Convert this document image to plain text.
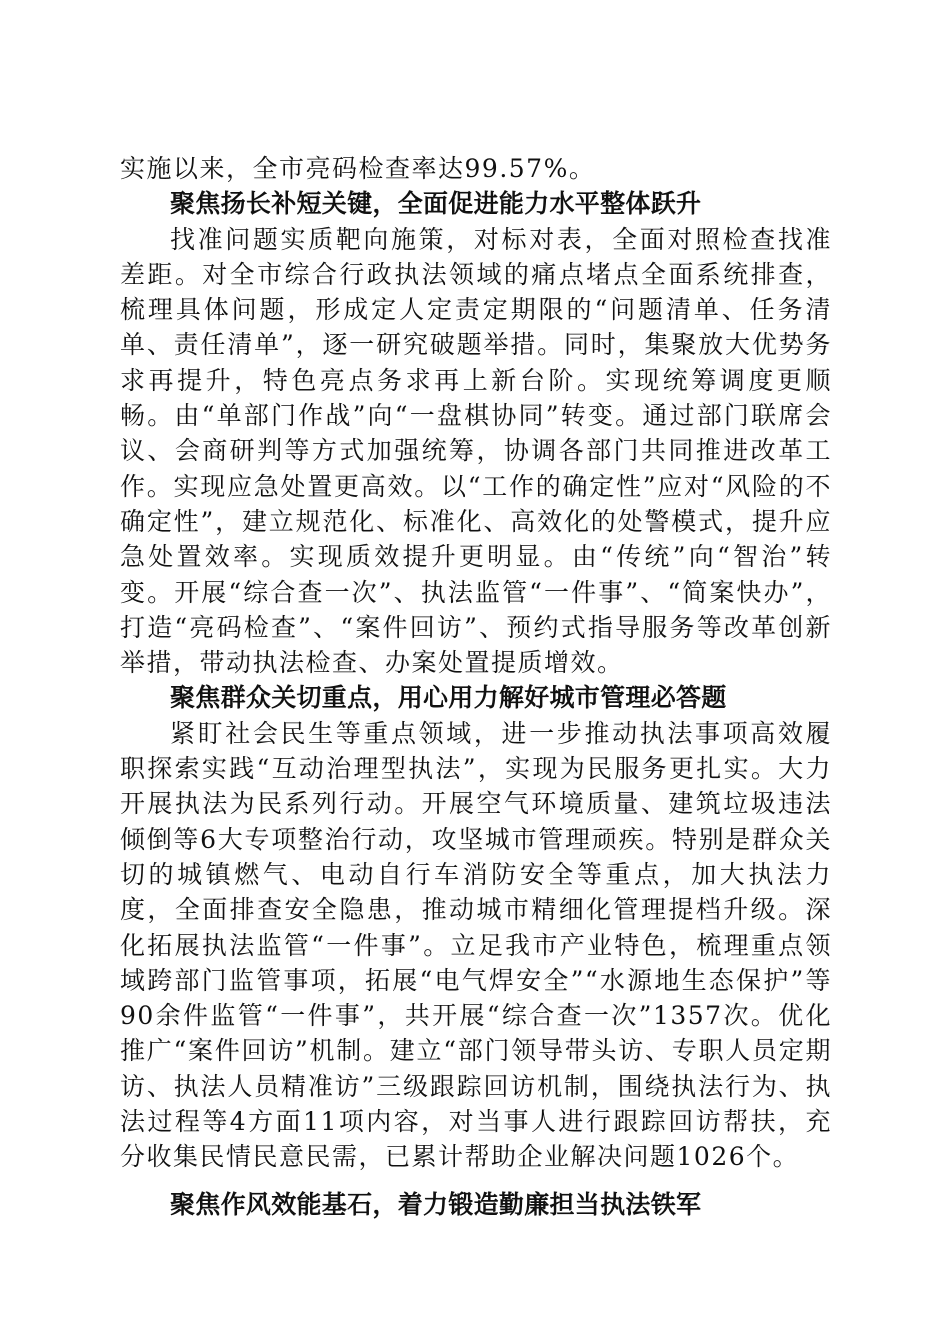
实施以来，全市亮码检查率达99.57%。

聚焦扬长补短关键，全面促进能力水平整体跃升

找准问题实质靶向施策，对标对表，全面对照检查找准差距。对全市综合行政执法领域的痛点堵点全面系统排查，梳理具体问题，形成定人定责定期限的“问题清单、任务清单、责任清单”，逐一研究破题举措。同时，集聚放大优势务求再提升，特色亮点务求再上新台阶。实现统筹调度更顺畅。由“单部门作战”向“一盘棋协同”转变。通过部门联席会议、会商研判等方式加强统筹，协调各部门共同推进改革工作。实现应急处置更高效。以“工作的确定性”应对“风险的不确定性”，建立规范化、标准化、高效化的处警模式，提升应急处置效率。实现质效提升更明显。由“传统”向“智治”转变。开展“综合查一次”、执法监管“一件事”、“简案快办”，打造“亮码检查”、“案件回访”、预约式指导服务等改革创新举措，带动执法检查、办案处置提质增效。

聚焦群众关切重点，用心用力解好城市管理必答题

紧盯社会民生等重点领域，进一步推动执法事项高效履职探索实践“互动治理型执法”，实现为民服务更扎实。大力开展执法为民系列行动。开展空气环境质量、建筑垃圾违法倾倒等6大专项整治行动，攻坚城市管理顽疾。特别是群众关切的城镇燃气、电动自行车消防安全等重点，加大执法力度，全面排查安全隐患，推动城市精细化管理提档升级。深化拓展执法监管“一件事”。立足我市产业特色，梳理重点领域跨部门监管事项，拓展“电气焊安全”“水源地生态保护”等90余件监管“一件事”，共开展“综合查一次”1357次。优化推广“案件回访”机制。建立“部门领导带头访、专职人员定期访、执法人员精准访”三级跟踪回访机制，围绕执法行为、执法过程等4方面11项内容，对当事人进行跟踪回访帮扶，充分收集民情民意民需，已累计帮助企业解决问题1026个。

聚焦作风效能基石，着力锻造勤廉担当执法铁军
